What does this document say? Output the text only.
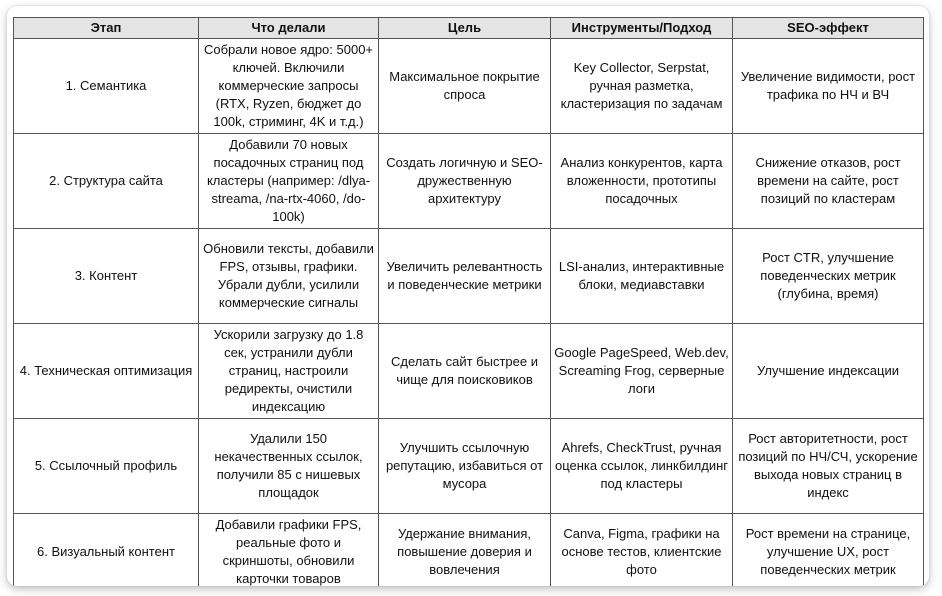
Этап	Что делали	Цель	Инструменты/Подход	SEO-эффект
1. Семантика	Собрали новое ядро: 5000+ ключей. Включили коммерческие запросы (RTX, Ryzen, бюджет до 100k, стриминг, 4K и т.д.)	Максимальное покрытие спроса	Key Collector, Serpstat, ручная разметка, кластеризация по задачам	Увеличение видимости, рост трафика по НЧ и ВЧ
2. Структура сайта	Добавили 70 новых посадочных страниц под кластеры (например: /dlya-streama, /na-rtx-4060, /do-100k)	Создать логичную и SEO-дружественную архитектуру	Анализ конкурентов, карта вложенности, прототипы посадочных	Снижение отказов, рост времени на сайте, рост позиций по кластерам
3. Контент	Обновили тексты, добавили FPS, отзывы, графики. Убрали дубли, усилили коммерческие сигналы	Увеличить релевантность и поведенческие метрики	LSI-анализ, интерактивные блоки, медиавставки	Рост CTR, улучшение поведенческих метрик (глубина, время)
4. Техническая оптимизация	Ускорили загрузку до 1.8 сек, устранили дубли страниц, настроили редиректы, очистили индексацию	Сделать сайт быстрее и чище для поисковиков	Google PageSpeed, Web.dev, Screaming Frog, серверные логи	Улучшение индексации
5. Ссылочный профиль	Удалили 150 некачественных ссылок, получили 85 с нишевых площадок	Улучшить ссылочную репутацию, избавиться от мусора	Ahrefs, CheckTrust, ручная оценка ссылок, линкбилдинг под кластеры	Рост авторитетности, рост позиций по НЧ/СЧ, ускорение выхода новых страниц в индекс
6. Визуальный контент	Добавили графики FPS, реальные фото и скриншоты, обновили карточки товаров	Удержание внимания, повышение доверия и вовлечения	Canva, Figma, графики на основе тестов, клиентские фото	Рост времени на странице, улучшение UX, рост поведенческих метрик
